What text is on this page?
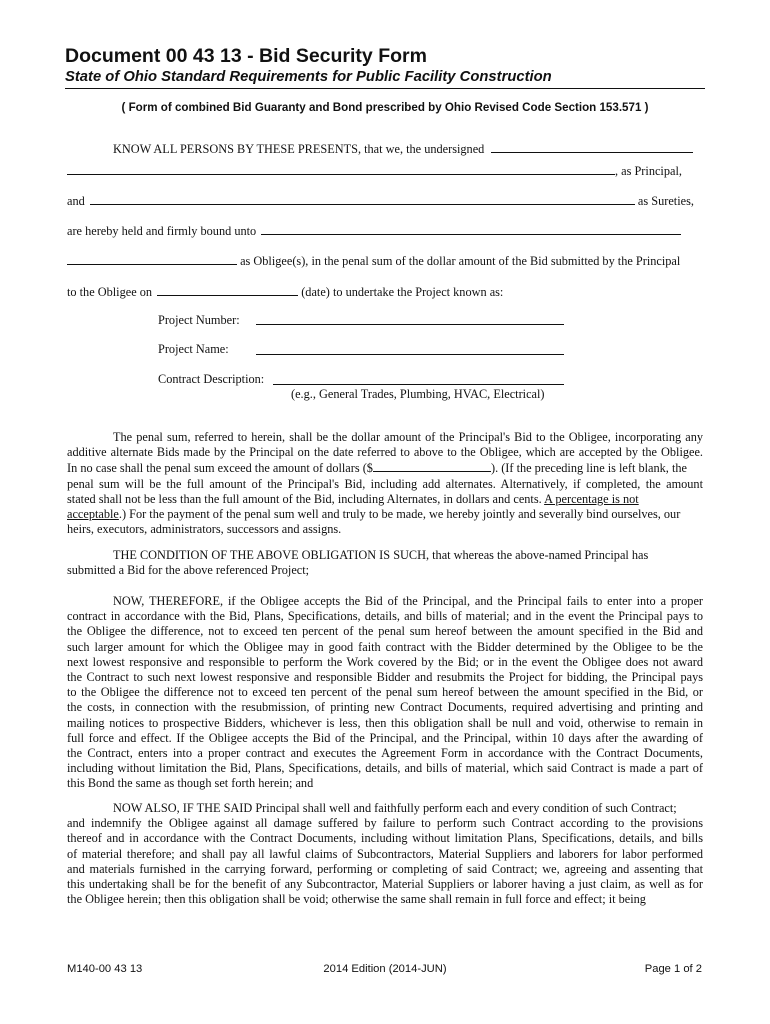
Document 00 43 13 - Bid Security Form
State of Ohio Standard Requirements for Public Facility Construction
( Form of combined Bid Guaranty and Bond prescribed by Ohio Revised Code Section 153.571 )
KNOW ALL PERSONS BY THESE PRESENTS, that we, the undersigned
, as Principal,
and	as Sureties,
are hereby held and firmly bound unto
as Obligee(s), in the penal sum of the dollar amount of the Bid submitted by the Principal
to the Obligee on	(date) to undertake the Project known as:
Project Number:
Project Name:
Contract Description:
(e.g., General Trades, Plumbing, HVAC, Electrical)
The penal sum, referred to herein, shall be the dollar amount of the Principal's Bid to the Obligee, incorporating any
additive alternate Bids made by the Principal on the date referred to above to the Obligee, which are accepted by the Obligee.
In no case shall the penal sum exceed the amount of dollars ($	). (If the preceding line is left blank, the
penal sum will be the full amount of the Principal's Bid, including add alternates. Alternatively, if completed, the amount
stated shall not be less than the full amount of the Bid, including Alternates, in dollars and cents. A percentage is not
acceptable.) For the payment of the penal sum well and truly to be made, we hereby jointly and severally bind ourselves, our
heirs, executors, administrators, successors and assigns.
THE CONDITION OF THE ABOVE OBLIGATION IS SUCH, that whereas the above-named Principal has
submitted a Bid for the above referenced Project;
NOW, THEREFORE, if the Obligee accepts the Bid of the Principal, and the Principal fails to enter into a proper
contract in accordance with the Bid, Plans, Specifications, details, and bills of material; and in the event the Principal pays to
the Obligee the difference, not to exceed ten percent of the penal sum hereof between the amount specified in the Bid and
such larger amount for which the Obligee may in good faith contract with the Bidder determined by the Obligee to be the
next lowest responsive and responsible to perform the Work covered by the Bid; or in the event the Obligee does not award
the Contract to such next lowest responsive and responsible Bidder and resubmits the Project for bidding, the Principal pays
to the Obligee the difference not to exceed ten percent of the penal sum hereof between the amount specified in the Bid, or
the costs, in connection with the resubmission, of printing new Contract Documents, required advertising and printing and
mailing notices to prospective Bidders, whichever is less, then this obligation shall be null and void, otherwise to remain in
full force and effect. If the Obligee accepts the Bid of the Principal, and the Principal, within 10 days after the awarding of
the Contract, enters into a proper contract and executes the Agreement Form in accordance with the Contract Documents,
including without limitation the Bid, Plans, Specifications, details, and bills of material, which said Contract is made a part of
this Bond the same as though set forth herein; and
NOW ALSO, IF THE SAID Principal shall well and faithfully perform each and every condition of such Contract;
and indemnify the Obligee against all damage suffered by failure to perform such Contract according to the provisions
thereof and in accordance with the Contract Documents, including without limitation Plans, Specifications, details, and bills
of material therefore; and shall pay all lawful claims of Subcontractors, Material Suppliers and laborers for labor performed
and materials furnished in the carrying forward, performing or completing of said Contract; we, agreeing and assenting that
this undertaking shall be for the benefit of any Subcontractor, Material Suppliers or laborer having a just claim, as well as for
the Obligee herein; then this obligation shall be void; otherwise the same shall remain in full force and effect; it being
M140-00 43 13	2014 Edition (2014-JUN)	Page 1 of 2
